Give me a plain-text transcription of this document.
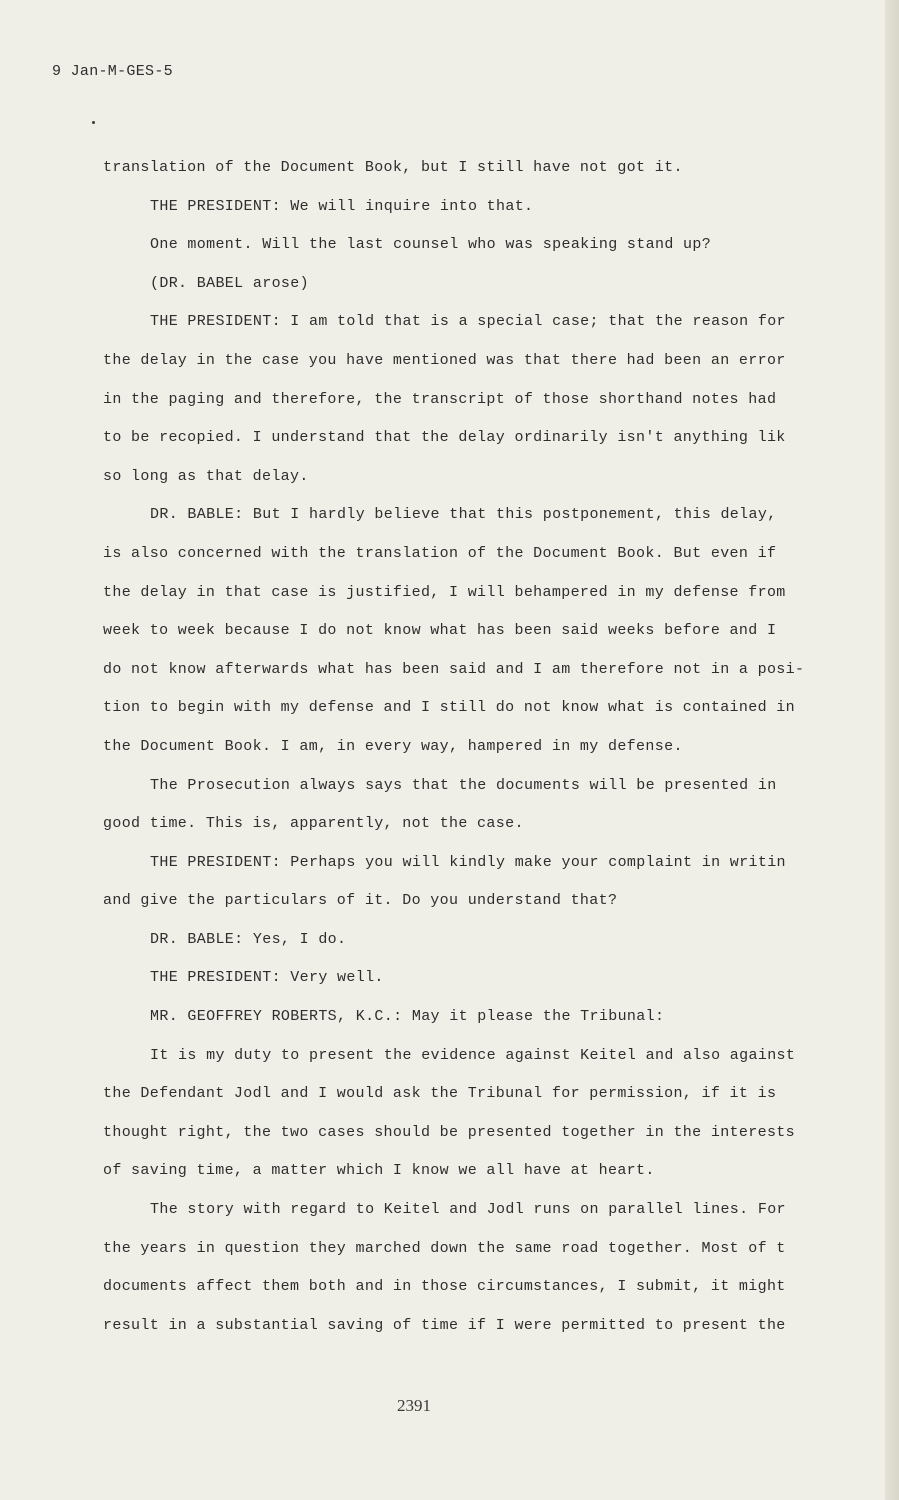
9 Jan-M-GES-5
translation of the Document Book, but I still have not got it.
THE PRESIDENT: We will inquire into that.
One moment. Will the last counsel who was speaking stand up?
(DR. BABEL arose)
THE PRESIDENT: I am told that is a special case; that the reason for
the delay in the case you have mentioned was that there had been an error
in the paging and therefore, the transcript of those shorthand notes had
to be recopied. I understand that the delay ordinarily isn't anything lik
so long as that delay.
DR. BABLE: But I hardly believe that this postponement, this delay,
is also concerned with the translation of the Document Book. But even if
the delay in that case is justified, I will behampered in my defense from
week to week because I do not know what has been said weeks before and I
do not know afterwards what has been said and I am therefore not in a posi-
tion to begin with my defense and I still do not know what is contained in
the Document Book. I am, in every way, hampered in my defense.
The Prosecution always says that the documents will be presented in
good time. This is, apparently, not the case.
THE PRESIDENT: Perhaps you will kindly make your complaint in writin
and give the particulars of it. Do you understand that?
DR. BABLE: Yes, I do.
THE PRESIDENT: Very well.
MR. GEOFFREY ROBERTS, K.C.: May it please the Tribunal:
It is my duty to present the evidence against Keitel and also against
the Defendant Jodl and I would ask the Tribunal for permission, if it is
thought right, the two cases should be presented together in the interests
of saving time, a matter which I know we all have at heart.
The story with regard to Keitel and Jodl runs on parallel lines. For
the years in question they marched down the same road together. Most of t
documents affect them both and in those circumstances, I submit, it might
result in a substantial saving of time if I were permitted to present the
2391
